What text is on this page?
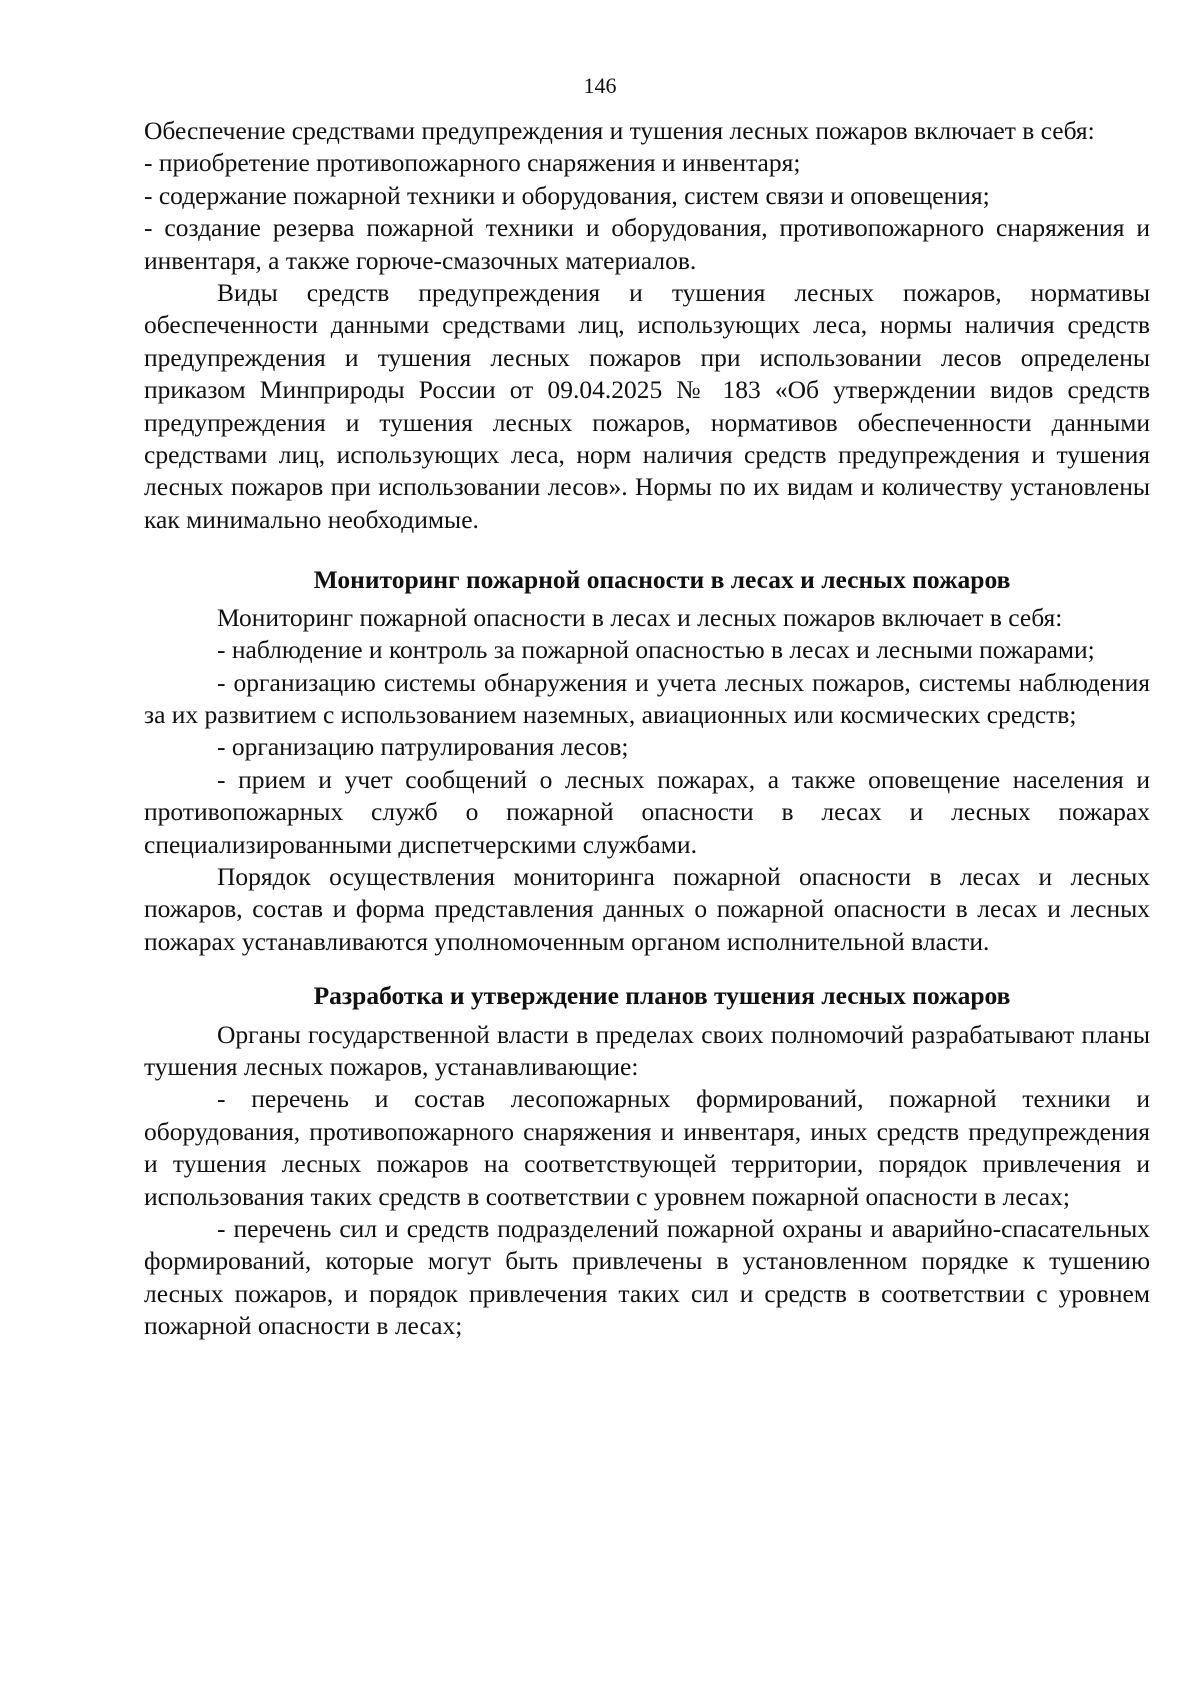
146

Обеспечение средствами предупреждения и тушения лесных пожаров включает в себя:

- приобретение противопожарного снаряжения и инвентаря;

- содержание пожарной техники и оборудования, систем связи и оповещения;

- создание резерва пожарной техники и оборудования, противопожарного снаряжения и инвентаря, а также горюче-смазочных материалов.

Виды средств предупреждения и тушения лесных пожаров, нормативы обеспеченности данными средствами лиц, использующих леса, нормы наличия средств предупреждения и тушения лесных пожаров при использовании лесов определены приказом Минприроды России от 09.04.2025 № 183 «Об утверждении видов средств предупреждения и тушения лесных пожаров, нормативов обеспеченности данными средствами лиц, использующих леса, норм наличия средств предупреждения и тушения лесных пожаров при использовании лесов». Нормы по их видам и количеству установлены как минимально необходимые.

Мониторинг пожарной опасности в лесах и лесных пожаров

Мониторинг пожарной опасности в лесах и лесных пожаров включает в себя:

- наблюдение и контроль за пожарной опасностью в лесах и лесными пожарами;

- организацию системы обнаружения и учета лесных пожаров, системы наблюдения за их развитием с использованием наземных, авиационных или космических средств;

- организацию патрулирования лесов;

- прием и учет сообщений о лесных пожарах, а также оповещение населения и противопожарных служб о пожарной опасности в лесах и лесных пожарах специализированными диспетчерскими службами.

Порядок осуществления мониторинга пожарной опасности в лесах и лесных пожаров, состав и форма представления данных о пожарной опасности в лесах и лесных пожарах устанавливаются уполномоченным органом исполнительной власти.

Разработка и утверждение планов тушения лесных пожаров

Органы государственной власти в пределах своих полномочий разрабатывают планы тушения лесных пожаров, устанавливающие:

- перечень и состав лесопожарных формирований, пожарной техники и оборудования, противопожарного снаряжения и инвентаря, иных средств предупреждения и тушения лесных пожаров на соответствующей территории, порядок привлечения и использования таких средств в соответствии с уровнем пожарной опасности в лесах;

- перечень сил и средств подразделений пожарной охраны и аварийно-спасательных формирований, которые могут быть привлечены в установленном порядке к тушению лесных пожаров, и порядок привлечения таких сил и средств в соответствии с уровнем пожарной опасности в лесах;
